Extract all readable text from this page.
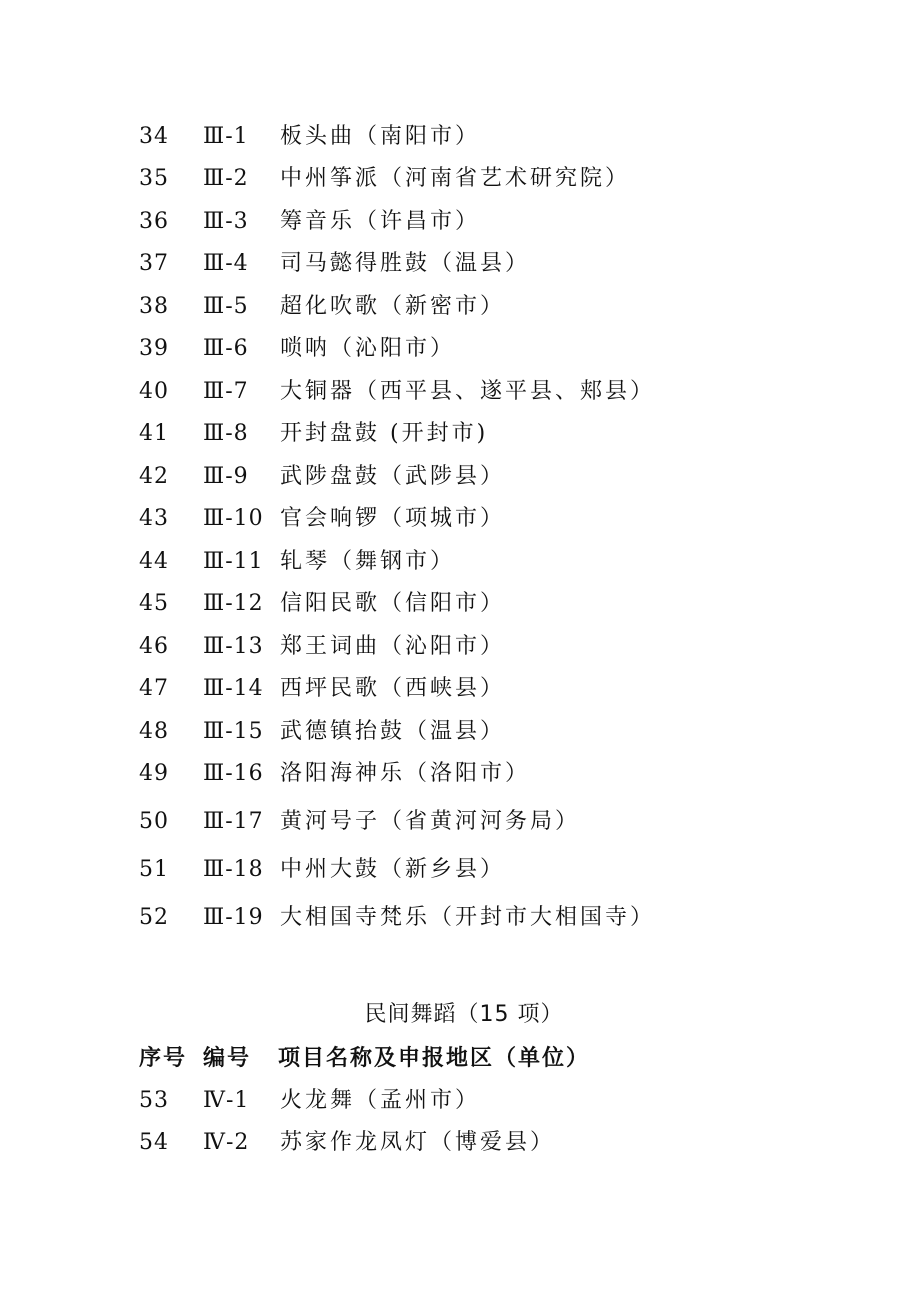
34 Ⅲ-1 板头曲（南阳市）
35 Ⅲ-2 中州筝派（河南省艺术研究院）
36 Ⅲ-3 筹音乐（许昌市）
37 Ⅲ-4 司马懿得胜鼓（温县）
38 Ⅲ-5 超化吹歌（新密市）
39 Ⅲ-6 唢呐（沁阳市）
40 Ⅲ-7 大铜器（西平县、遂平县、郏县）
41 Ⅲ-8 开封盘鼓 (开封市)
42 Ⅲ-9 武陟盘鼓（武陟县）
43 Ⅲ-10 官会响锣（项城市）
44 Ⅲ-11 轧琴（舞钢市）
45 Ⅲ-12 信阳民歌（信阳市）
46 Ⅲ-13 郑王词曲（沁阳市）
47 Ⅲ-14 西坪民歌（西峡县）
48 Ⅲ-15 武德镇抬鼓（温县）
49 Ⅲ-16 洛阳海神乐（洛阳市）
50 Ⅲ-17 黄河号子（省黄河河务局）
51 Ⅲ-18 中州大鼓（新乡县）
52 Ⅲ-19 大相国寺梵乐（开封市大相国寺）
民间舞蹈（15 项）
序号 编号 项目名称及申报地区（单位）
53 Ⅳ-1 火龙舞（孟州市）
54 Ⅳ-2 苏家作龙凤灯（博爱县）
